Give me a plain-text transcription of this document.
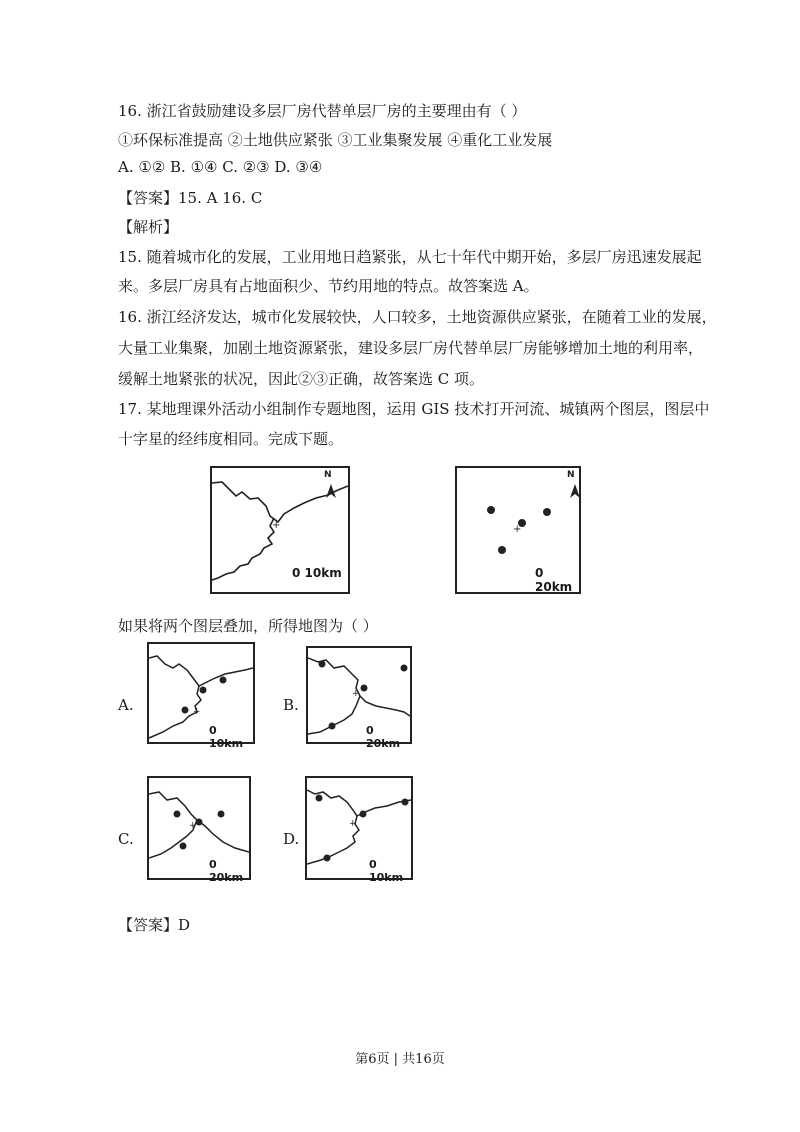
16. 浙江省鼓励建设多层厂房代替单层厂房的主要理由有（ ）
①环保标准提高 ②土地供应紧张 ③工业集聚发展 ④重化工业发展
A. ①② B. ①④ C. ②③ D. ③④
【答案】15. A 16. C
【解析】
15. 随着城市化的发展，工业用地日趋紧张，从七十年代中期开始，多层厂房迅速发展起
来。多层厂房具有占地面积少、节约用地的特点。故答案选 A。
16. 浙江经济发达，城市化发展较快，人口较多，土地资源供应紧张，在随着工业的发展，
大量工业集聚，加剧土地资源紧张，建设多层厂房代替单层厂房能够增加土地的利用率，
缓解土地紧张的状况，因此②③正确，故答案选 C 项。
17. 某地理课外活动小组制作专题地图，运用 GIS 技术打开河流、城镇两个图层，图层中
十字星的经纬度相同。完成下题。
+
0 10km
N
+
0 20km
N
如果将两个图层叠加，所得地图为（ ）
A.	+
0 10km
B.
+
0 20km
C.
+
0 20km
D.
+
0 10km
【答案】D
第6页 | 共16页
